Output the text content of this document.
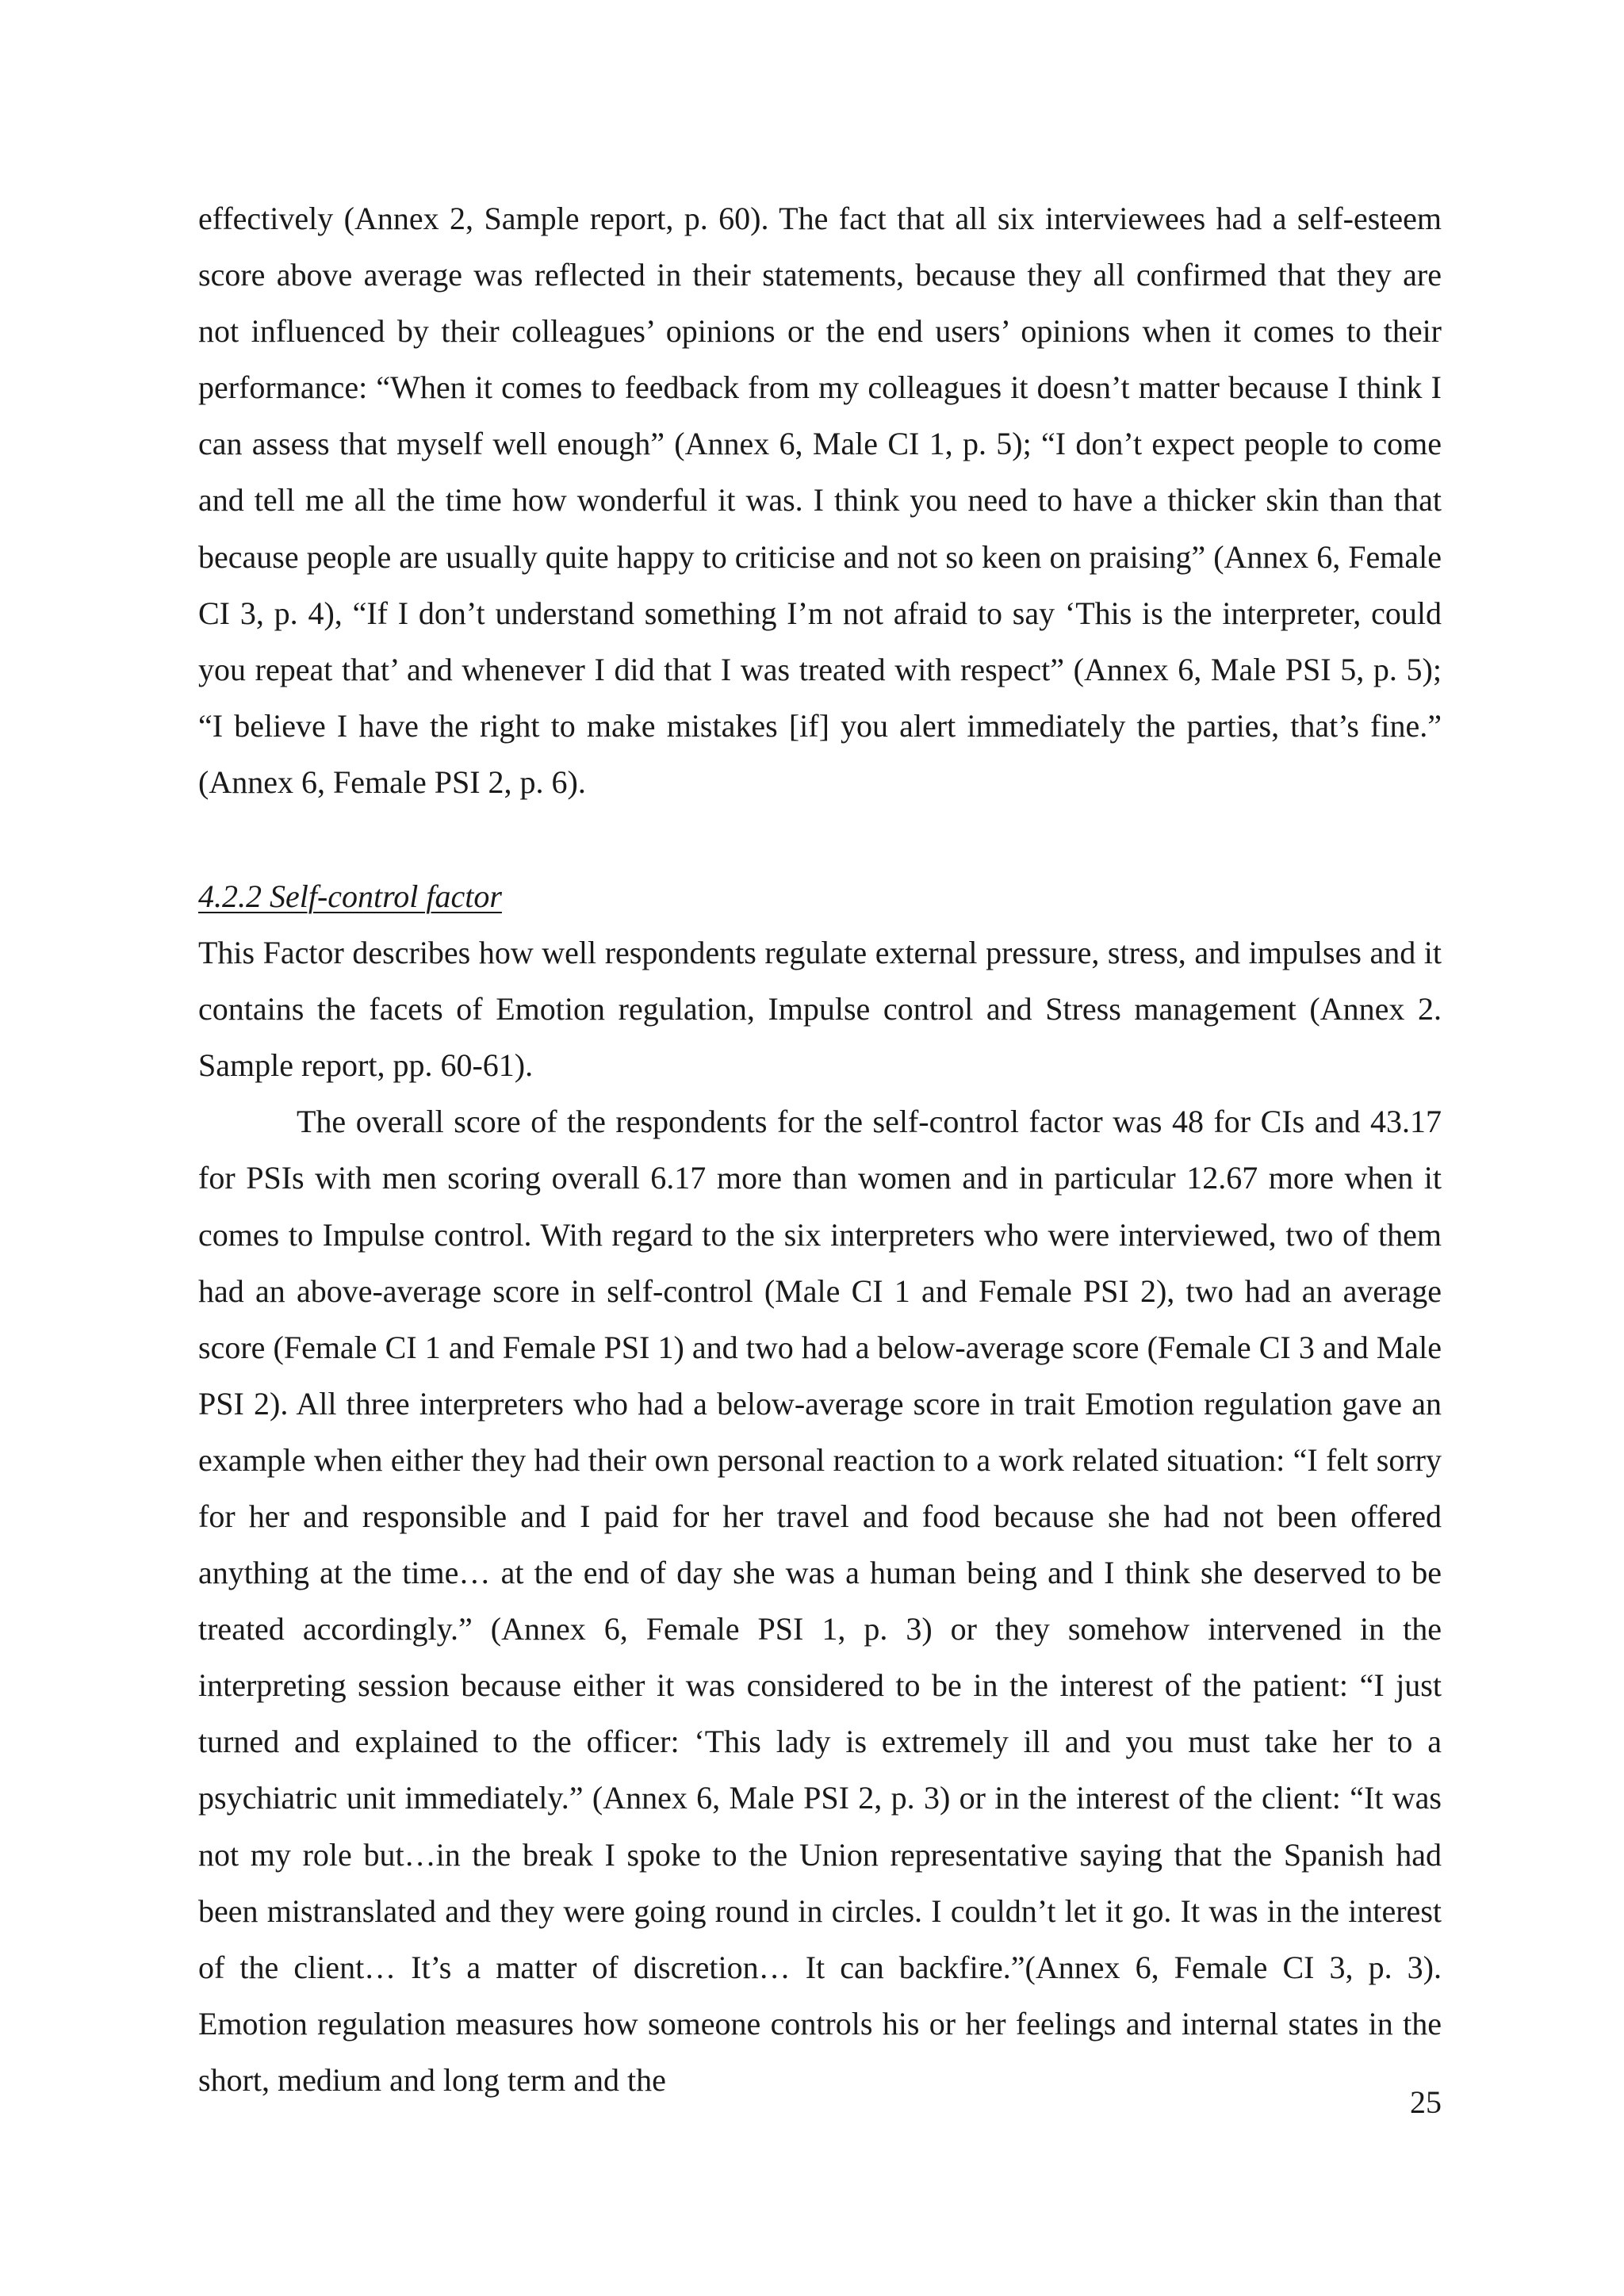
effectively (Annex 2, Sample report, p. 60). The fact that all six interviewees had a self-esteem score above average was reflected in their statements, because they all confirmed that they are not influenced by their colleagues’ opinions or the end users’ opinions when it comes to their performance: “When it comes to feedback from my colleagues it doesn’t matter because I think I can assess that myself well enough” (Annex 6, Male CI 1, p. 5); “I don’t expect people to come and tell me all the time how wonderful it was. I think you need to have a thicker skin than that because people are usually quite happy to criticise and not so keen on praising” (Annex 6, Female CI 3, p. 4), “If I don’t understand something I’m not afraid to say ‘This is the interpreter, could you repeat that’ and whenever I did that I was treated with respect” (Annex 6, Male PSI 5, p. 5); “I believe I have the right to make mistakes [if] you alert immediately the parties, that’s fine.” (Annex 6, Female PSI 2, p. 6).

4.2.2 Self-control factor

This Factor describes how well respondents regulate external pressure, stress, and impulses and it contains the facets of Emotion regulation, Impulse control and Stress management (Annex 2. Sample report, pp. 60-61).

The overall score of the respondents for the self-control factor was 48 for CIs and 43.17 for PSIs with men scoring overall 6.17 more than women and in particular 12.67 more when it comes to Impulse control. With regard to the six interpreters who were interviewed, two of them had an above-average score in self-control (Male CI 1 and Female PSI 2), two had an average score (Female CI 1 and Female PSI 1) and two had a below-average score (Female CI 3 and Male PSI 2). All three interpreters who had a below-average score in trait Emotion regulation gave an example when either they had their own personal reaction to a work related situation: “I felt sorry for her and responsible and I paid for her travel and food because she had not been offered anything at the time… at the end of day she was a human being and I think she deserved to be treated accordingly.” (Annex 6, Female PSI 1, p. 3) or they somehow intervened in the interpreting session because either it was considered to be in the interest of the patient: “I just turned and explained to the officer: ‘This lady is extremely ill and you must take her to a psychiatric unit immediately.” (Annex 6, Male PSI 2, p. 3) or in the interest of the client: “It was not my role but…in the break I spoke to the Union representative saying that the Spanish had been mistranslated and they were going round in circles. I couldn’t let it go. It was in the interest of the client… It’s a matter of discretion… It can backfire.”(Annex 6, Female CI 3, p. 3). Emotion regulation measures how someone controls his or her feelings and internal states in the short, medium and long term and the

25
